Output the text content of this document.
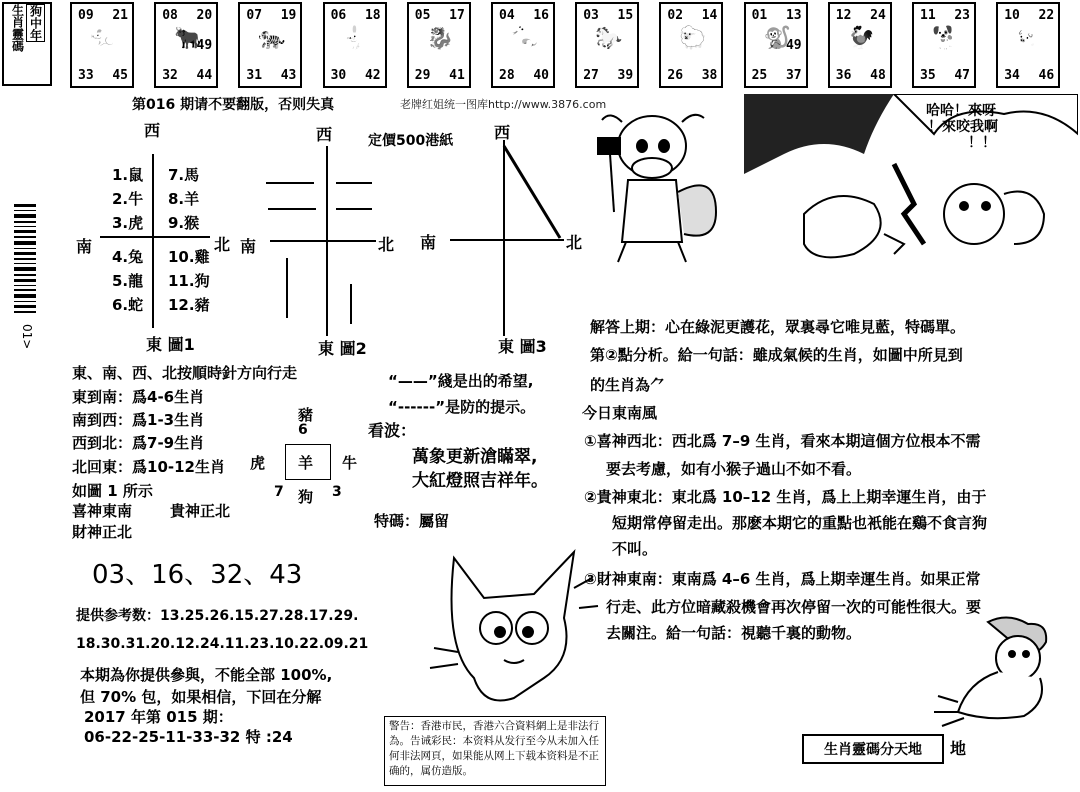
狗中年
生肖靈碼	09 21
33 45
🐀
08 20
32 44
49
🐂
07 19
31 43
🐅
06 18
30 42
🐇
05 17
29 41
🐉
04 16
28 40
🐍
03 15
27 39
🐎
02 14
26 38
🐑
01 13
25 37
49
🐒
12 24
36 48
🐓
11 23
35 47
🐕
10 22
34 46
🐖
第016 期请不要翻版，否则失真	老牌红姐统一图库http://www.3876.com
01>
西
南	北
1.鼠
2.牛
3.虎
4.兔
5.龍
6.蛇
7.馬
8.羊
9.猴
10.雞
11.狗
12.豬
東 圖1
西	定價500港紙
南	北
東 圖2
西
南	北
東 圖3
哈哈！來呀
！來咬我啊
！！
東、南、西、北按順時針方向行走
東到南：爲4-6生肖
南到西：爲1-3生肖
西到北：爲7-9生肖
北回東：爲10-12生肖
如圖 1 所示
喜神東南	貴神正北
財神正北
“——”綫是出的希望,
“------”是防的提示。
豬
6
虎 羊 牛
7 狗 3
看波：
萬象更新滄瞞翠,
大紅燈照吉祥年。
特碼：屬留
03、16、32、43
提供参考数：13.25.26.15.27.28.17.29.
18.30.31.20.12.24.11.23.10.22.09.21
本期為你提供參與，不能全部 100%,
但 70% 包，如果相信，下回在分解
2017 年第 015 期：
06-22-25-11-33-32 特 :24
警告：香港市民，香港六合資料網上是非法行為。告诫彩民：本资料从发行至今从未加入任何非法网頁，如果能从网上下载本资料是不正确的，属仿造版。
解答上期：心在綠泥更護花，眾裏尋它唯見藍，特碼單。
第②點分析。給一句話：雖成氣候的生肖，如圖中所見到
的生肖為⺈
今日東南風
①喜神西北：西北爲 7–9 生肖，看來本期這個方位根本不需
要去考慮，如有小猴子過山不如不看。
②貴神東北：東北爲 10–12 生肖，爲上上期幸運生肖，由于
短期常停留走出。那麽本期它的重點也衹能在鷄不食言狗
不叫。
③財神東南：東南爲 4–6 生肖，爲上期幸運生肖。如果正常
行走、此方位暗藏殺機會再次停留一次的可能性很大。要
去關注。給一句話：視聽千裏的動物。
生肖靈碼分天地	地
